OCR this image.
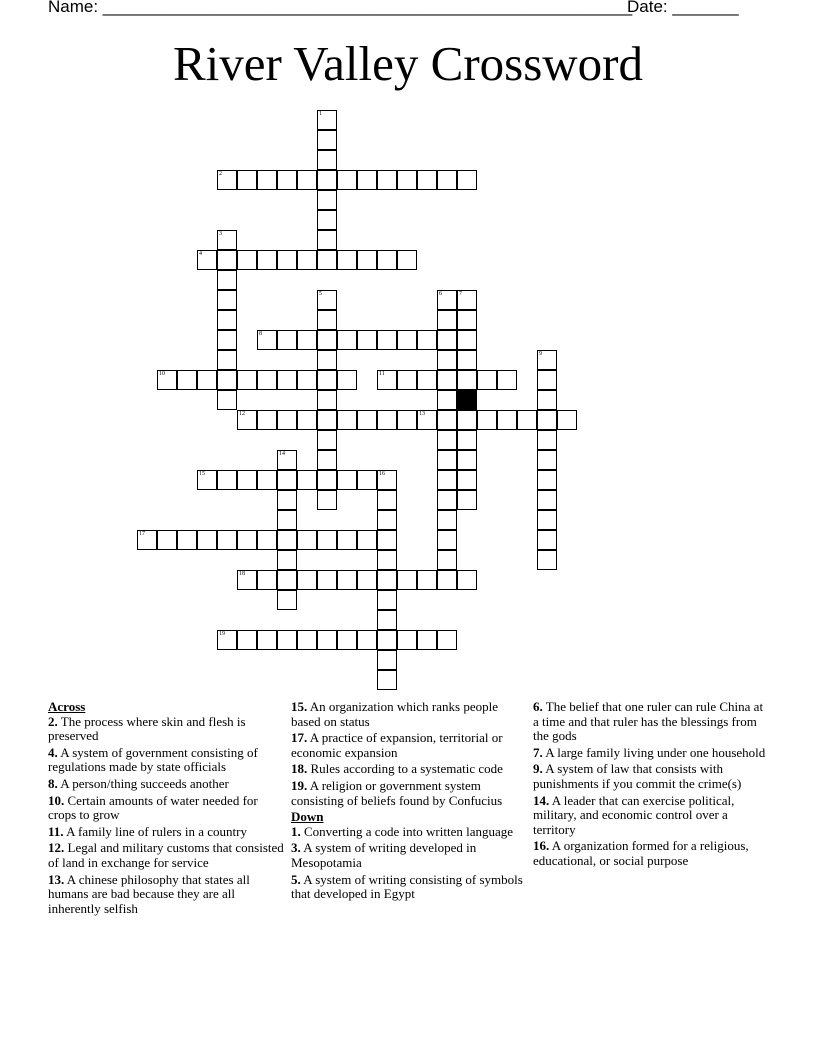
Name: ________________________________________________________
Date: _______
River Valley Crossword
1
2
3
4
5	6	7
8
9
10	11
12	13
14
15	16
17
18
19
Across
2. The process where skin and flesh is preserved
4. A system of government consisting of regulations made by state officials
8. A person/thing succeeds another
10. Certain amounts of water needed for crops to grow
11. A family line of rulers in a country
12. Legal and military customs that consisted of land in exchange for service
13. A chinese philosophy that states all humans are bad because they are all inherently selfish
15. An organization which ranks people based on status
17. A practice of expansion, territorial or economic expansion
18. Rules according to a systematic code
19. A religion or government system consisting of beliefs found by Confucius
Down
1. Converting a code into written language
3. A system of writing developed in Mesopotamia
5. A system of writing consisting of symbols that developed in Egypt
6. The belief that one ruler can rule China at a time and that ruler has the blessings from the gods
7. A large family living under one household
9. A system of law that consists with punishments if you commit the crime(s)
14. A leader that can exercise political, military, and economic control over a territory
16. A organization formed for a religious, educational, or social purpose
